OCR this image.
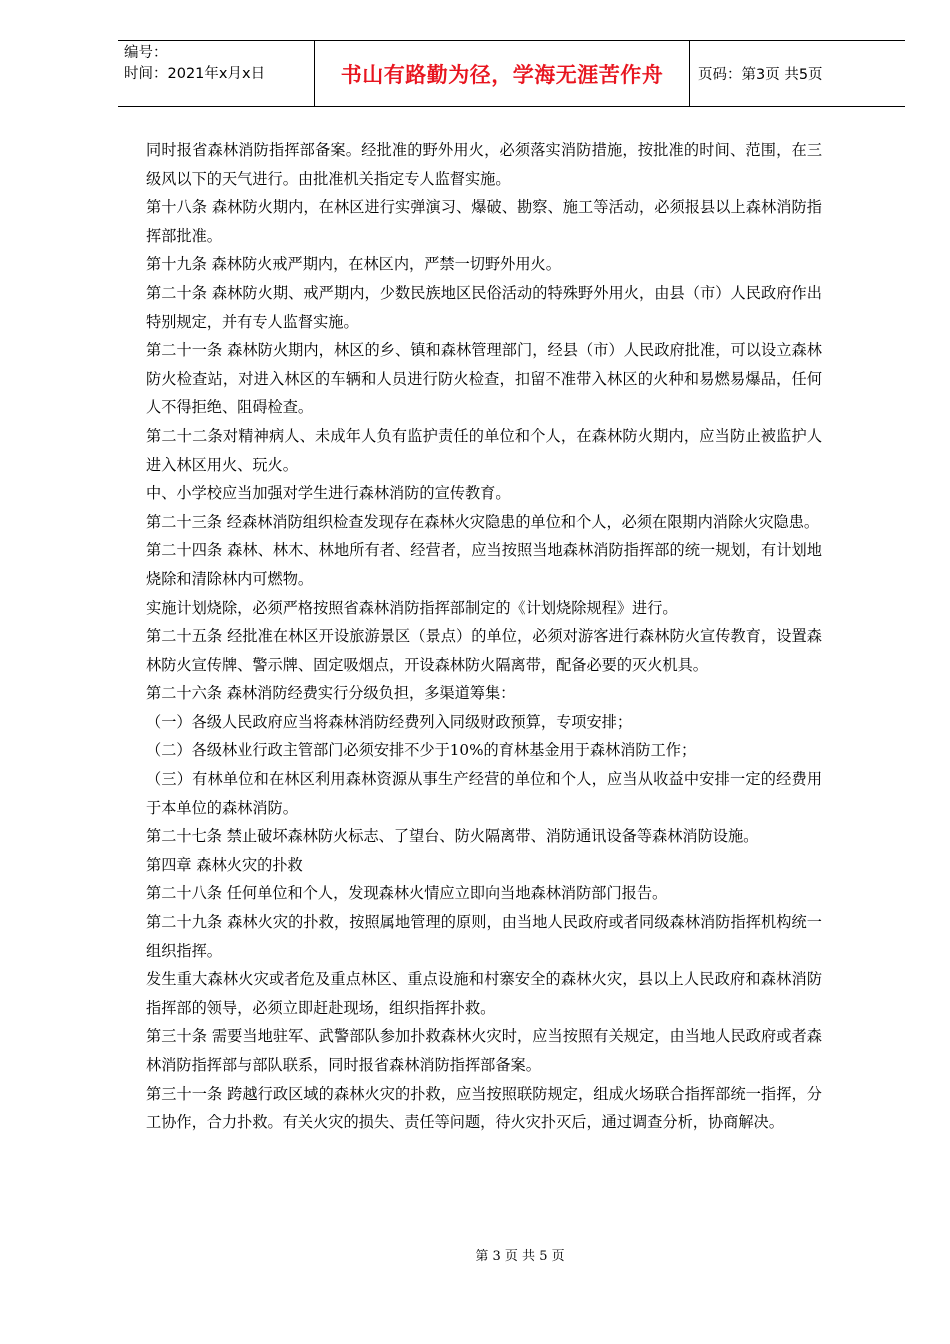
编号：
时间：2021年x月x日	书山有路勤为径，学海无涯苦作舟	页码：第3页 共5页

同时报省森林消防指挥部备案。经批准的野外用火，必须落实消防措施，按批准的时间、范围，在三级风以下的天气进行。由批准机关指定专人监督实施。

第十八条 森林防火期内，在林区进行实弹演习、爆破、勘察、施工等活动，必须报县以上森林消防指挥部批准。

第十九条 森林防火戒严期内，在林区内，严禁一切野外用火。

第二十条 森林防火期、戒严期内，少数民族地区民俗活动的特殊野外用火，由县（市）人民政府作出特别规定，并有专人监督实施。

第二十一条 森林防火期内，林区的乡、镇和森林管理部门，经县（市）人民政府批准，可以设立森林防火检查站，对进入林区的车辆和人员进行防火检查，扣留不准带入林区的火种和易燃易爆品，任何人不得拒绝、阻碍检查。

第二十二条对精神病人、未成年人负有监护责任的单位和个人，在森林防火期内，应当防止被监护人进入林区用火、玩火。

中、小学校应当加强对学生进行森林消防的宣传教育。

第二十三条 经森林消防组织检查发现存在森林火灾隐患的单位和个人，必须在限期内消除火灾隐患。

第二十四条 森林、林木、林地所有者、经营者，应当按照当地森林消防指挥部的统一规划，有计划地烧除和清除林内可燃物。

实施计划烧除，必须严格按照省森林消防指挥部制定的《计划烧除规程》进行。

第二十五条 经批准在林区开设旅游景区（景点）的单位，必须对游客进行森林防火宣传教育，设置森林防火宣传牌、警示牌、固定吸烟点，开设森林防火隔离带，配备必要的灭火机具。

第二十六条 森林消防经费实行分级负担，多渠道筹集：

（一）各级人民政府应当将森林消防经费列入同级财政预算，专项安排；

（二）各级林业行政主管部门必须安排不少于10%的育林基金用于森林消防工作；

（三）有林单位和在林区利用森林资源从事生产经营的单位和个人，应当从收益中安排一定的经费用于本单位的森林消防。

第二十七条 禁止破坏森林防火标志、了望台、防火隔离带、消防通讯设备等森林消防设施。

第四章 森林火灾的扑救

第二十八条 任何单位和个人，发现森林火情应立即向当地森林消防部门报告。

第二十九条 森林火灾的扑救，按照属地管理的原则，由当地人民政府或者同级森林消防指挥机构统一组织指挥。

发生重大森林火灾或者危及重点林区、重点设施和村寨安全的森林火灾，县以上人民政府和森林消防指挥部的领导，必须立即赶赴现场，组织指挥扑救。

第三十条 需要当地驻军、武警部队参加扑救森林火灾时，应当按照有关规定，由当地人民政府或者森林消防指挥部与部队联系，同时报省森林消防指挥部备案。

第三十一条 跨越行政区域的森林火灾的扑救，应当按照联防规定，组成火场联合指挥部统一指挥，分工协作，合力扑救。有关火灾的损失、责任等问题，待火灾扑灭后，通过调查分析，协商解决。

第 3 页 共 5 页
